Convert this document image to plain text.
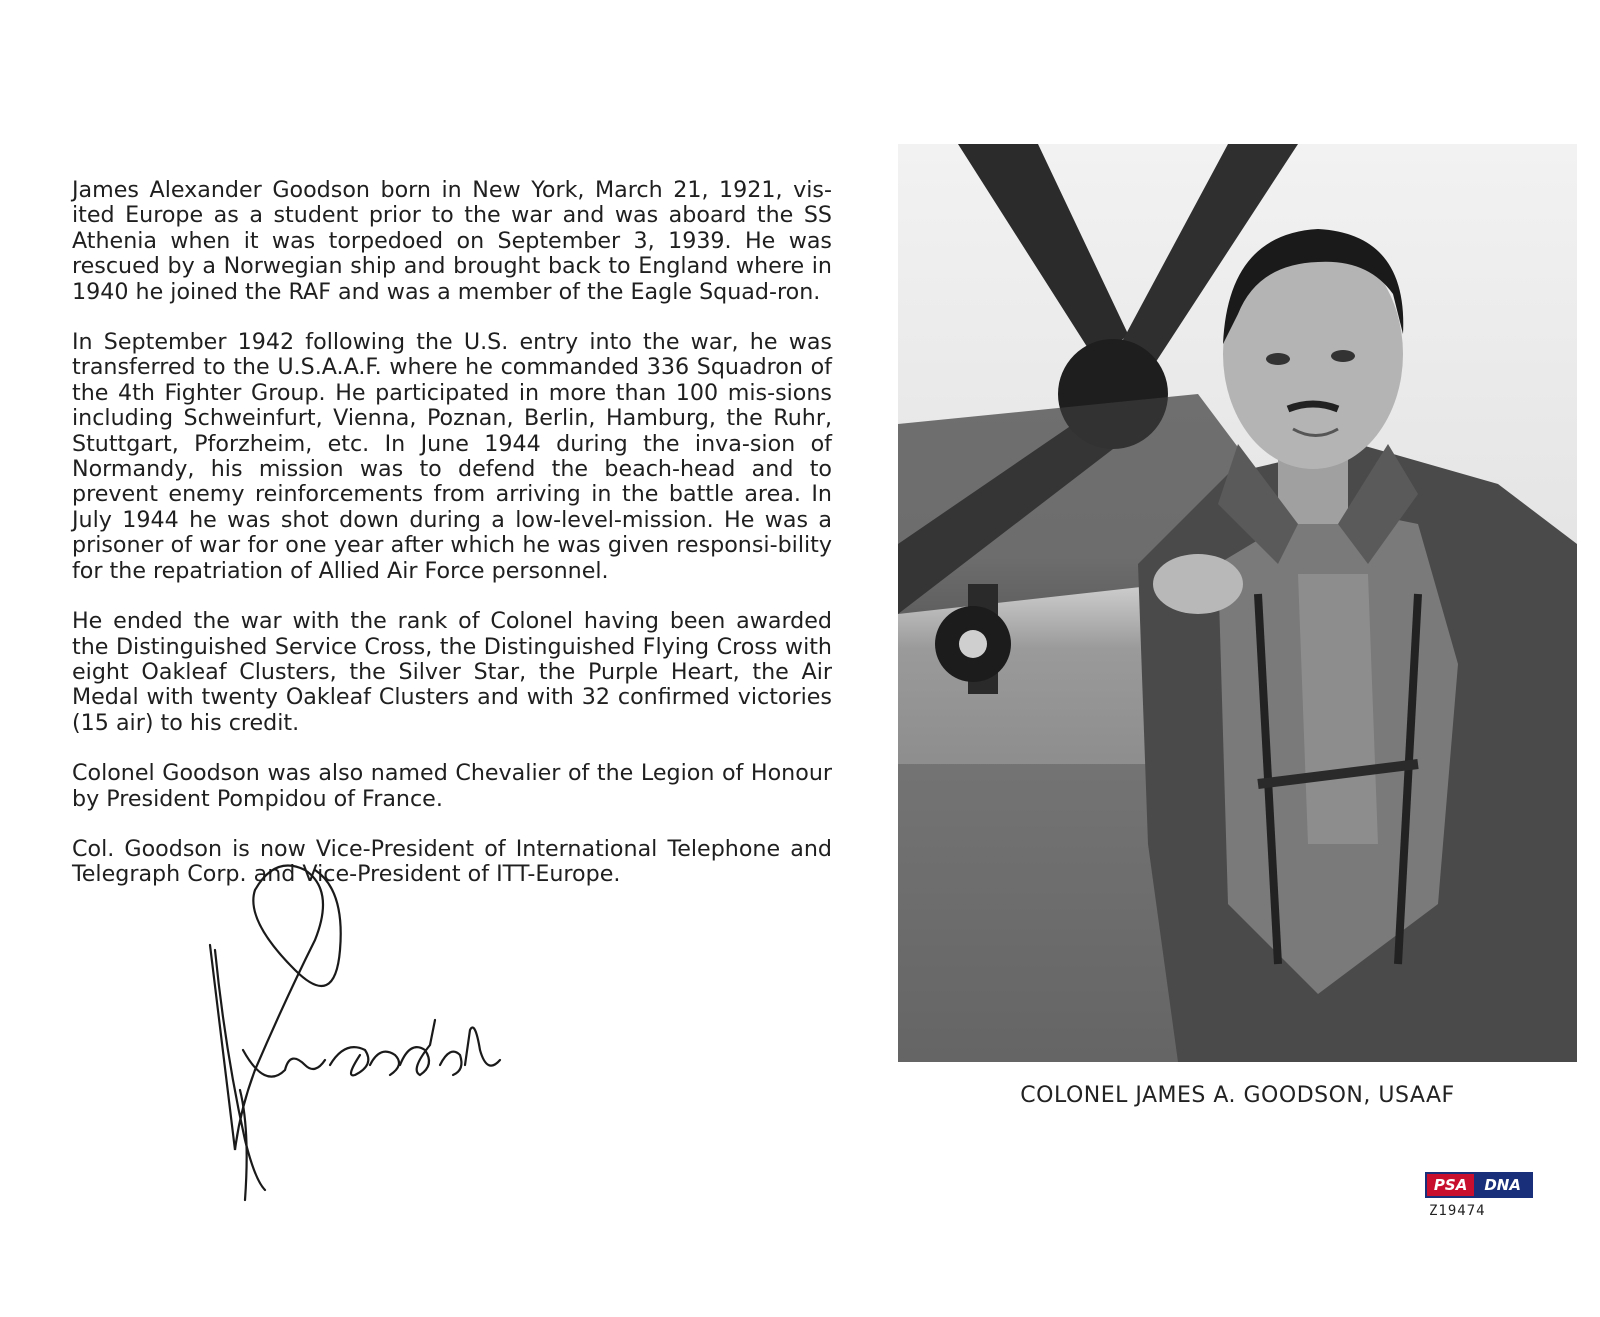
James Alexander Goodson born in New York, March 21, 1921, vis-ited Europe as a student prior to the war and was aboard the SS Athenia when it was torpedoed on September 3, 1939. He was rescued by a Norwegian ship and brought back to England where in 1940 he joined the RAF and was a member of the Eagle Squad-ron.

In September 1942 following the U.S. entry into the war, he was transferred to the U.S.A.A.F. where he commanded 336 Squadron of the 4th Fighter Group. He participated in more than 100 mis-sions including Schweinfurt, Vienna, Poznan, Berlin, Hamburg, the Ruhr, Stuttgart, Pforzheim, etc. In June 1944 during the inva-sion of Normandy, his mission was to defend the beach-head and to prevent enemy reinforcements from arriving in the battle area. In July 1944 he was shot down during a low-level-mission. He was a prisoner of war for one year after which he was given responsi-bility for the repatriation of Allied Air Force personnel.

He ended the war with the rank of Colonel having been awarded the Distinguished Service Cross, the Distinguished Flying Cross with eight Oakleaf Clusters, the Silver Star, the Purple Heart, the Air Medal with twenty Oakleaf Clusters and with 32 confirmed victories (15 air) to his credit.

Colonel Goodson was also named Chevalier of the Legion of Honour by President Pompidou of France.

Col. Goodson is now Vice-President of International Telephone and Telegraph Corp. and Vice-President of ITT-Europe.

COLONEL JAMES A. GOODSON, USAAF
PSA	DNA
Z19474
